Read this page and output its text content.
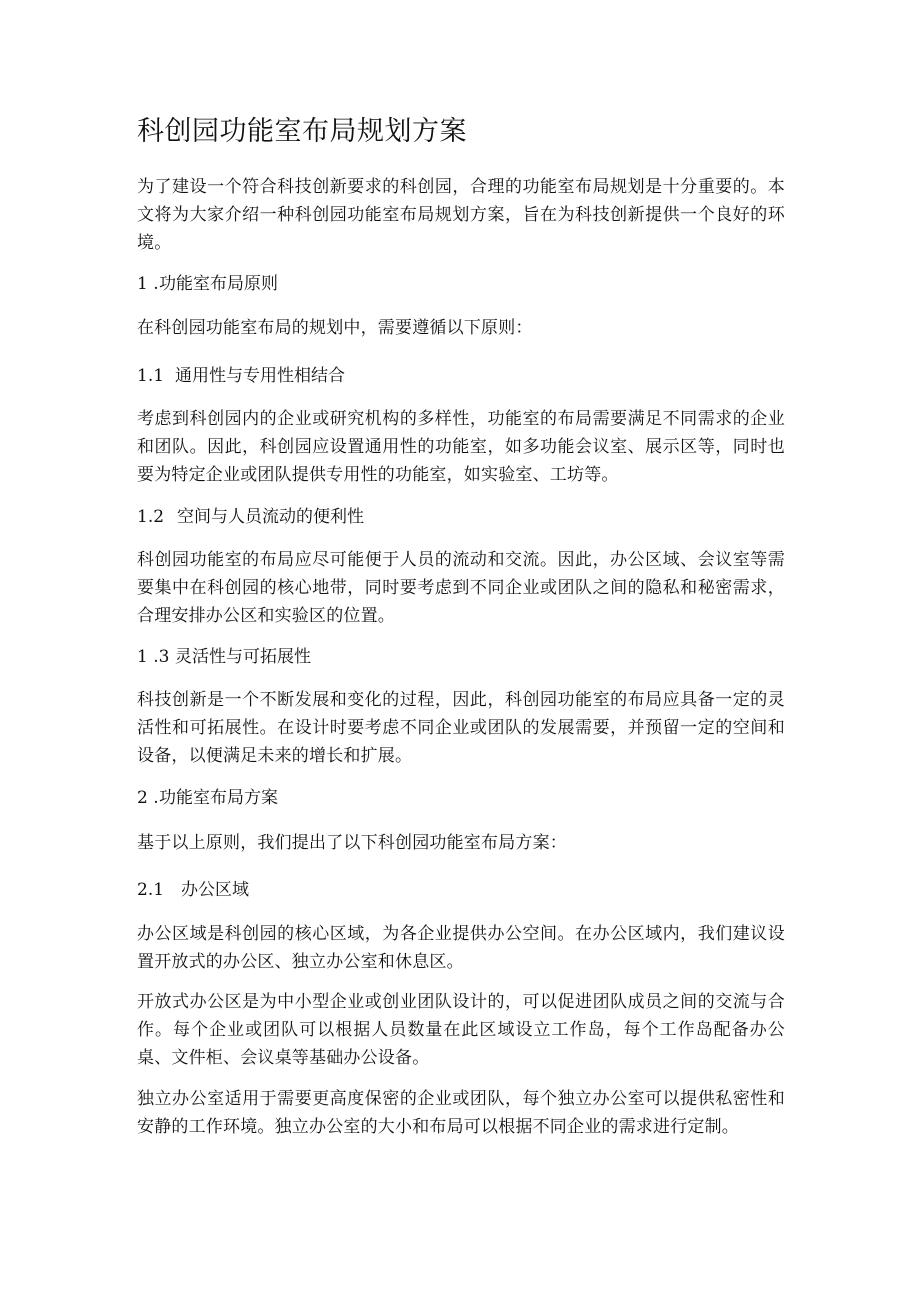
科创园功能室布局规划方案

为了建设一个符合科技创新要求的科创园，合理的功能室布局规划是十分重要的。本文将为大家介绍一种科创园功能室布局规划方案，旨在为科技创新提供一个良好的环境。

1 .功能室布局原则

在科创园功能室布局的规划中，需要遵循以下原则：

1.1 通用性与专用性相结合

考虑到科创园内的企业或研究机构的多样性，功能室的布局需要满足不同需求的企业和团队。因此，科创园应设置通用性的功能室，如多功能会议室、展示区等，同时也要为特定企业或团队提供专用性的功能室，如实验室、工坊等。

1.2 空间与人员流动的便利性

科创园功能室的布局应尽可能便于人员的流动和交流。因此，办公区域、会议室等需要集中在科创园的核心地带，同时要考虑到不同企业或团队之间的隐私和秘密需求，合理安排办公区和实验区的位置。

1 .3 灵活性与可拓展性

科技创新是一个不断发展和变化的过程，因此，科创园功能室的布局应具备一定的灵活性和可拓展性。在设计时要考虑不同企业或团队的发展需要，并预留一定的空间和设备，以便满足未来的增长和扩展。

2 .功能室布局方案

基于以上原则，我们提出了以下科创园功能室布局方案：

2.1 办公区域

办公区域是科创园的核心区域，为各企业提供办公空间。在办公区域内，我们建议设置开放式的办公区、独立办公室和休息区。

开放式办公区是为中小型企业或创业团队设计的，可以促进团队成员之间的交流与合作。每个企业或团队可以根据人员数量在此区域设立工作岛，每个工作岛配备办公桌、文件柜、会议桌等基础办公设备。

独立办公室适用于需要更高度保密的企业或团队，每个独立办公室可以提供私密性和安静的工作环境。独立办公室的大小和布局可以根据不同企业的需求进行定制。
